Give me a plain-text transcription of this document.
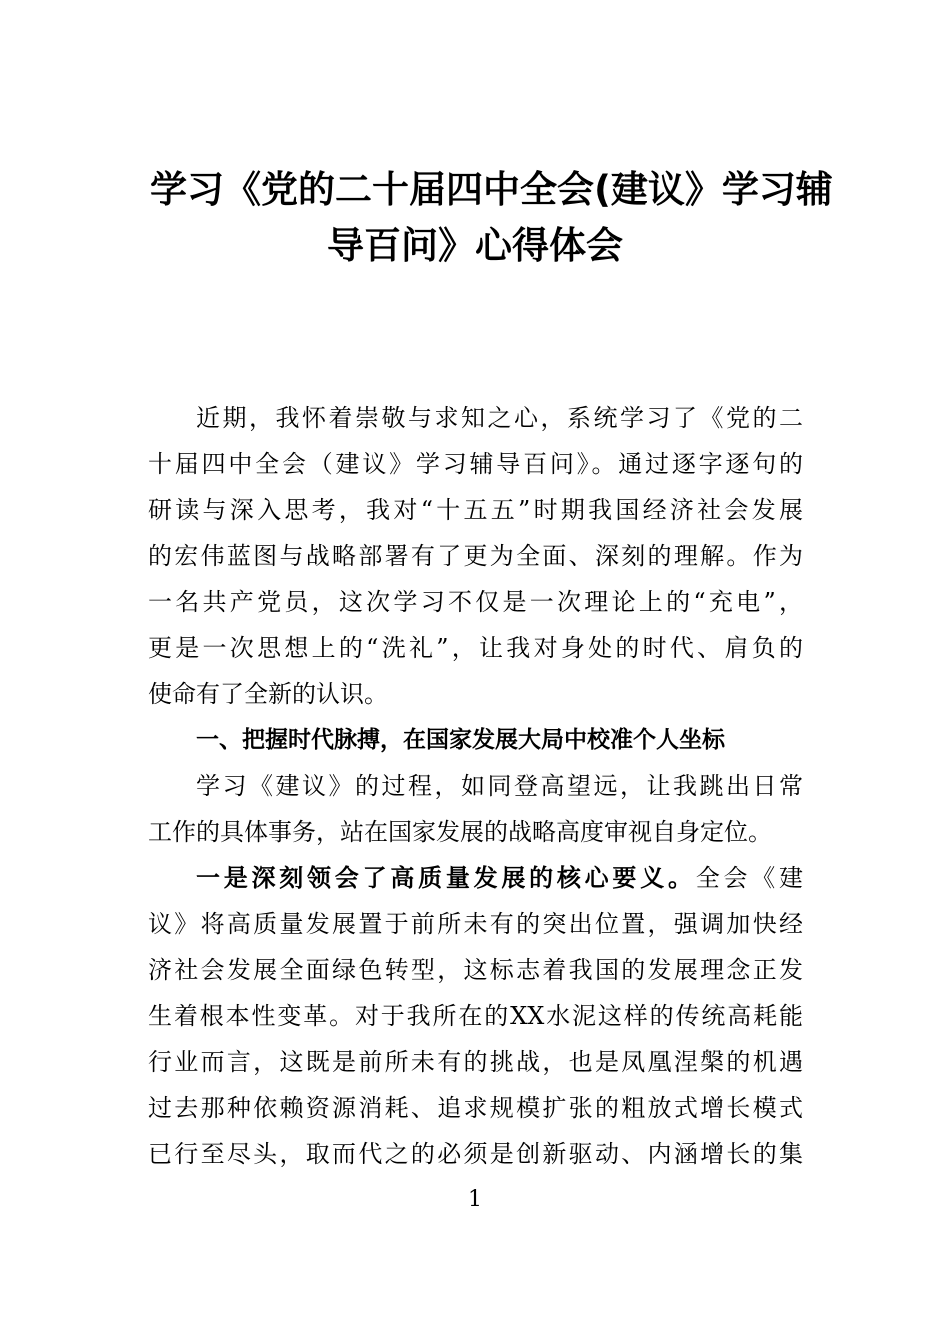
学习《党的二十届四中全会(建议》学习辅
导百问》心得体会
近期，我怀着崇敬与求知之心，系统学习了《党的二
十届四中全会（建议》学习辅导百问》。通过逐字逐句的
研读与深入思考，我对“十五五”时期我国经济社会发展
的宏伟蓝图与战略部署有了更为全面、深刻的理解。作为
一名共产党员，这次学习不仅是一次理论上的“充电”，
更是一次思想上的“洗礼”，让我对身处的时代、肩负的
使命有了全新的认识。
一、把握时代脉搏，在国家发展大局中校准个人坐标
学习《建议》的过程，如同登高望远，让我跳出日常
工作的具体事务，站在国家发展的战略高度审视自身定位。
一是深刻领会了高质量发展的核心要义。全会《建
议》将高质量发展置于前所未有的突出位置，强调加快经
济社会发展全面绿色转型，这标志着我国的发展理念正发
生着根本性变革。对于我所在的XX水泥这样的传统高耗能
行业而言，这既是前所未有的挑战，也是凤凰涅槃的机遇
过去那种依赖资源消耗、追求规模扩张的粗放式增长模式
已行至尽头，取而代之的必须是创新驱动、内涵增长的集
1
